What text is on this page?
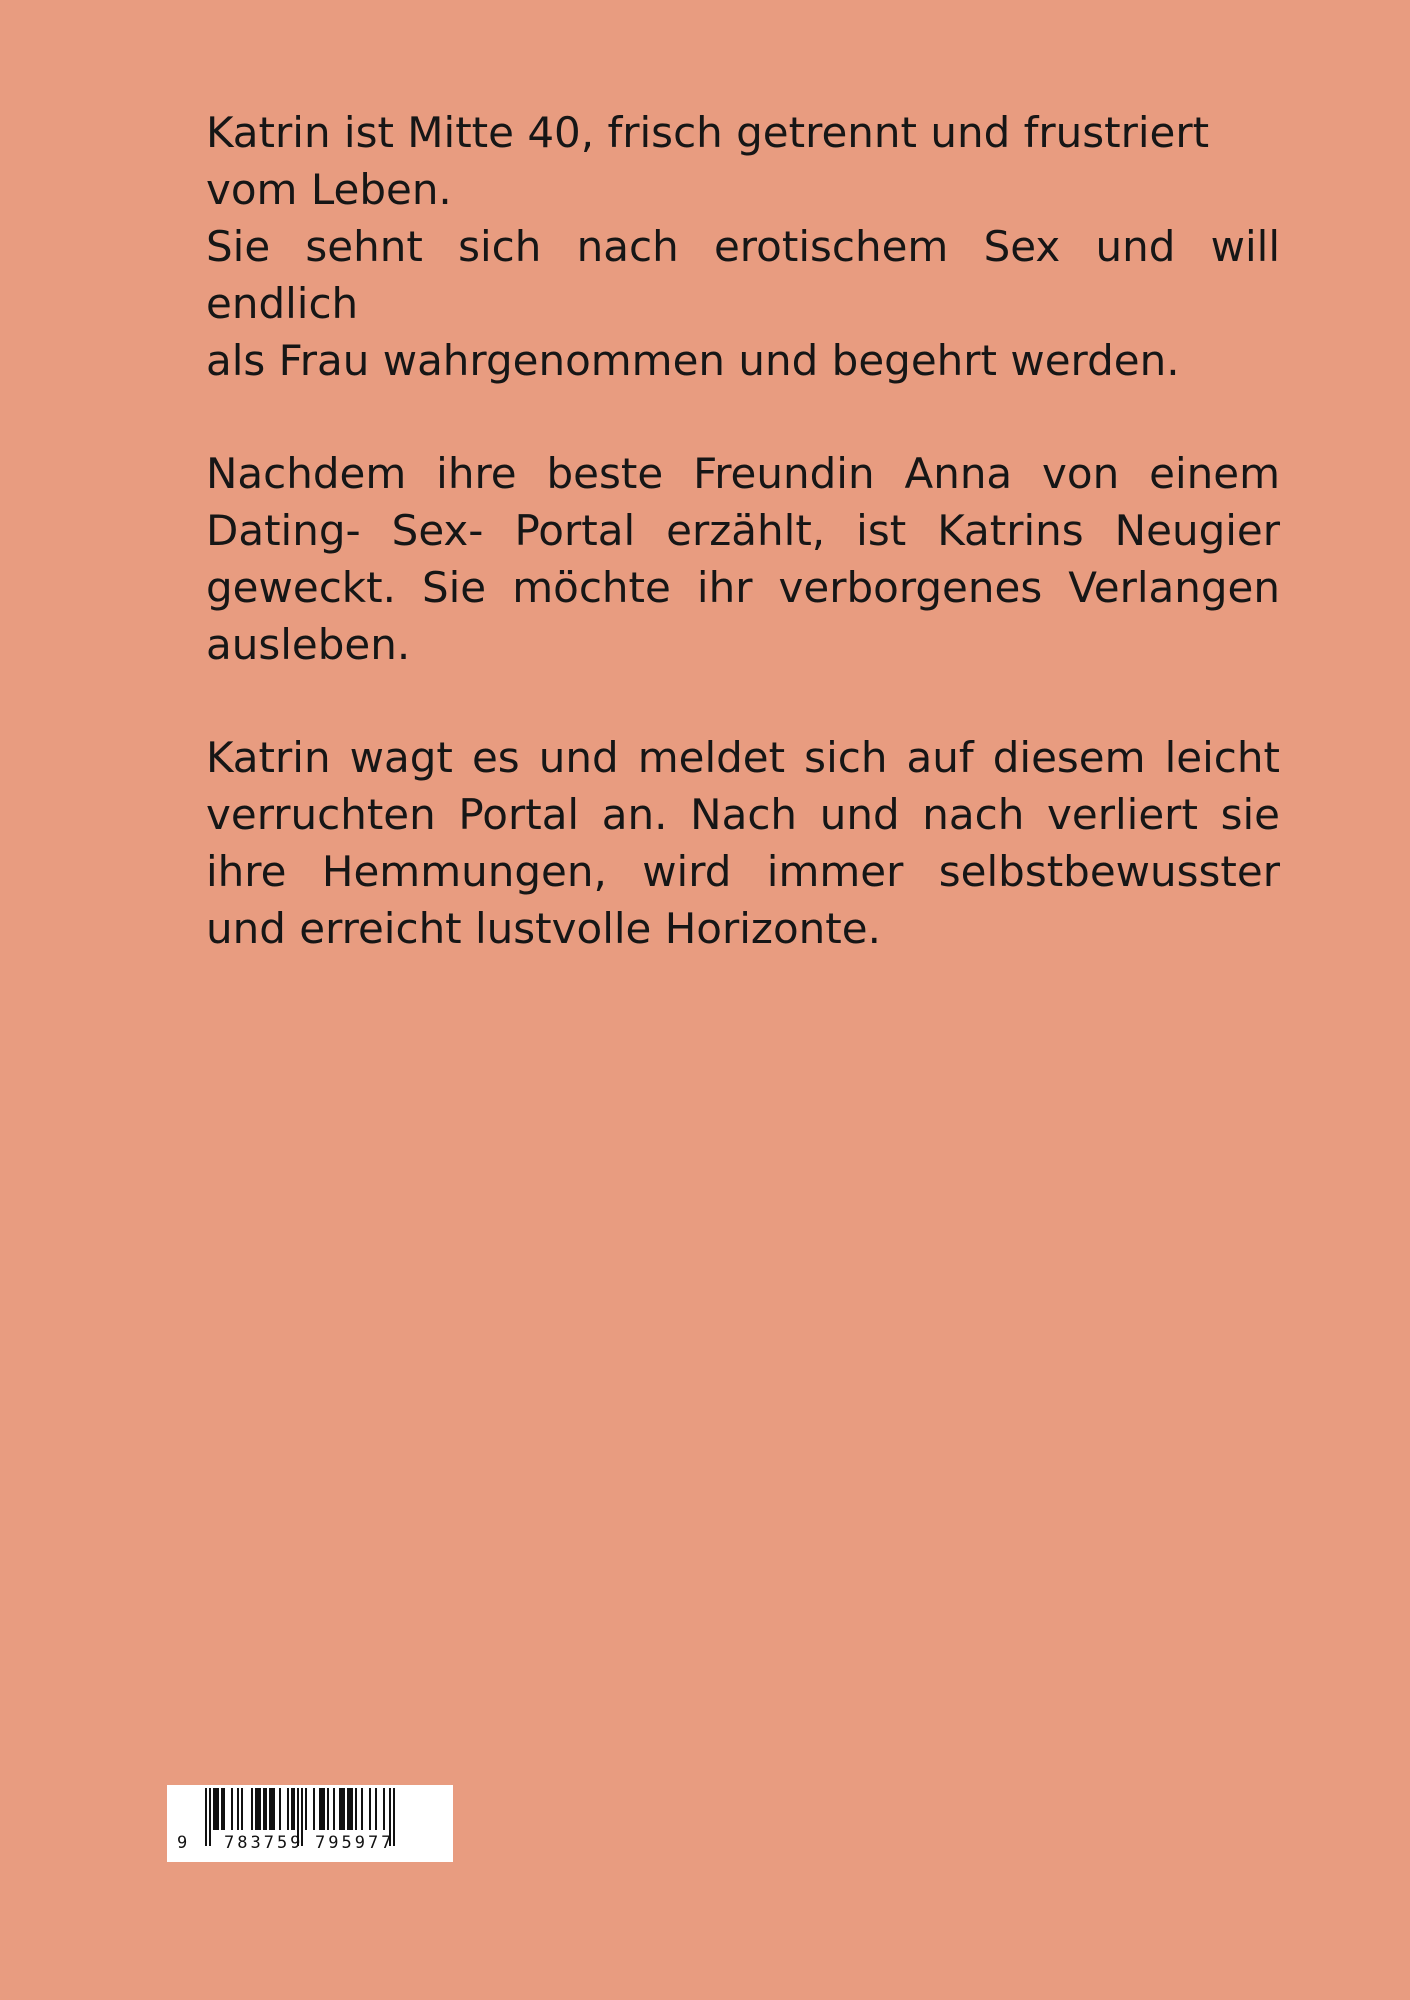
Katrin ist Mitte 40, frisch getrennt und frustriert
vom Leben.
Sie sehnt sich nach erotischem Sex und will endlich
als Frau wahrgenommen und begehrt werden.

Nachdem ihre beste Freundin Anna von einem Dating- Sex- Portal erzählt, ist Katrins Neugier geweckt. Sie möchte ihr verborgenes Verlangen ausleben.

Katrin wagt es und meldet sich auf diesem leicht verruchten Portal an. Nach und nach verliert sie ihre Hemmungen, wird immer selbstbewusster und erreicht lustvolle Horizonte.

9 783759 795977
